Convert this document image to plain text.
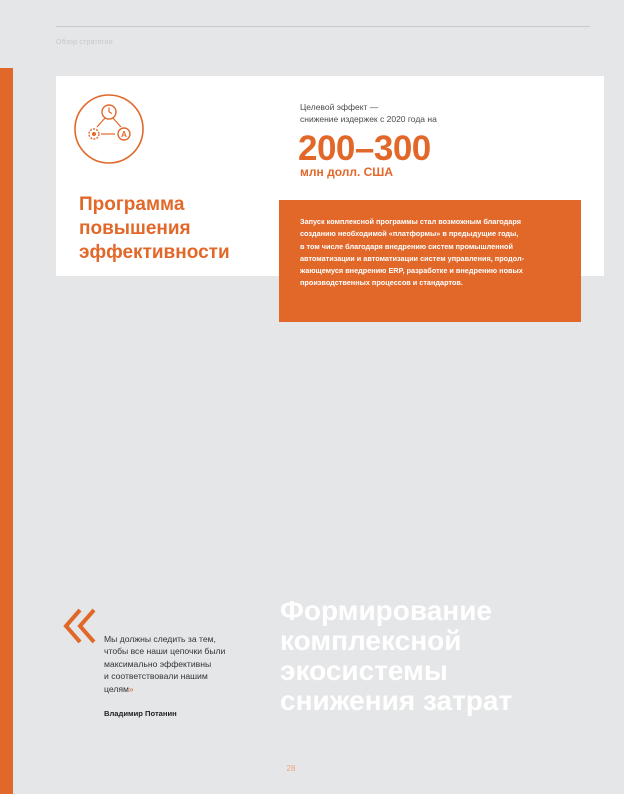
Обзор стратегии
A
Целевой эффект —
снижение издержек с 2020 года на
200–300
млн долл. США
Программа
повышения
эффективности
Запуск комплексной программы стал возможным благодаря
созданию необходимой «платформы» в предыдущие годы,
в том числе благодаря внедрению систем промышленной
автоматизации и автоматизации систем управления, продол-
жающемуся внедрению ERP, разработке и внедрению новых
производственных процессов и стандартов.
Мы должны следить за тем,
чтобы все наши цепочки были
максимально эффективны
и соответствовали нашим
целям»
Владимир Потанин
Формирование
комплексной
экосистемы
снижения затрат
28
